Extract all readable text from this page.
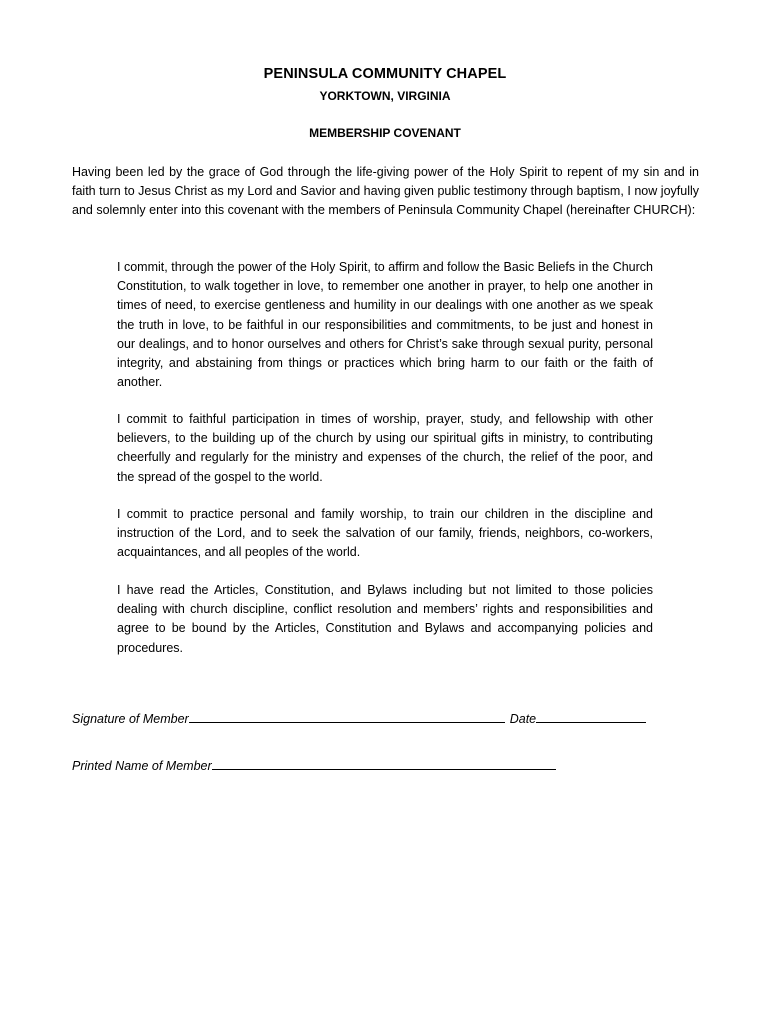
PENINSULA COMMUNITY CHAPEL
YORKTOWN, VIRGINIA
MEMBERSHIP COVENANT
Having been led by the grace of God through the life-giving power of the Holy Spirit to repent of my sin and in faith turn to Jesus Christ as my Lord and Savior and having given public testimony through baptism, I now joyfully and solemnly enter into this covenant with the members of Peninsula Community Chapel (hereinafter CHURCH):
I commit, through the power of the Holy Spirit, to affirm and follow the Basic Beliefs in the Church Constitution, to walk together in love, to remember one another in prayer, to help one another in times of need, to exercise gentleness and humility in our dealings with one another as we speak the truth in love, to be faithful in our responsibilities and commitments, to be just and honest in our dealings, and to honor ourselves and others for Christ’s sake through sexual purity, personal integrity, and abstaining from things or practices which bring harm to our faith or the faith of another.
I commit to faithful participation in times of worship, prayer, study, and fellowship with other believers, to the building up of the church by using our spiritual gifts in ministry, to contributing cheerfully and regularly for the ministry and expenses of the church, the relief of the poor, and the spread of the gospel to the world.
I commit to practice personal and family worship, to train our children in the discipline and instruction of the Lord, and to seek the salvation of our family, friends, neighbors, co-workers, acquaintances, and all peoples of the world.
I have read the Articles, Constitution, and Bylaws including but not limited to those policies dealing with church discipline, conflict resolution and members’ rights and responsibilities and agree to be bound by the Articles, Constitution and Bylaws and accompanying policies and procedures.
Signature of Member	Date
Printed Name of Member
